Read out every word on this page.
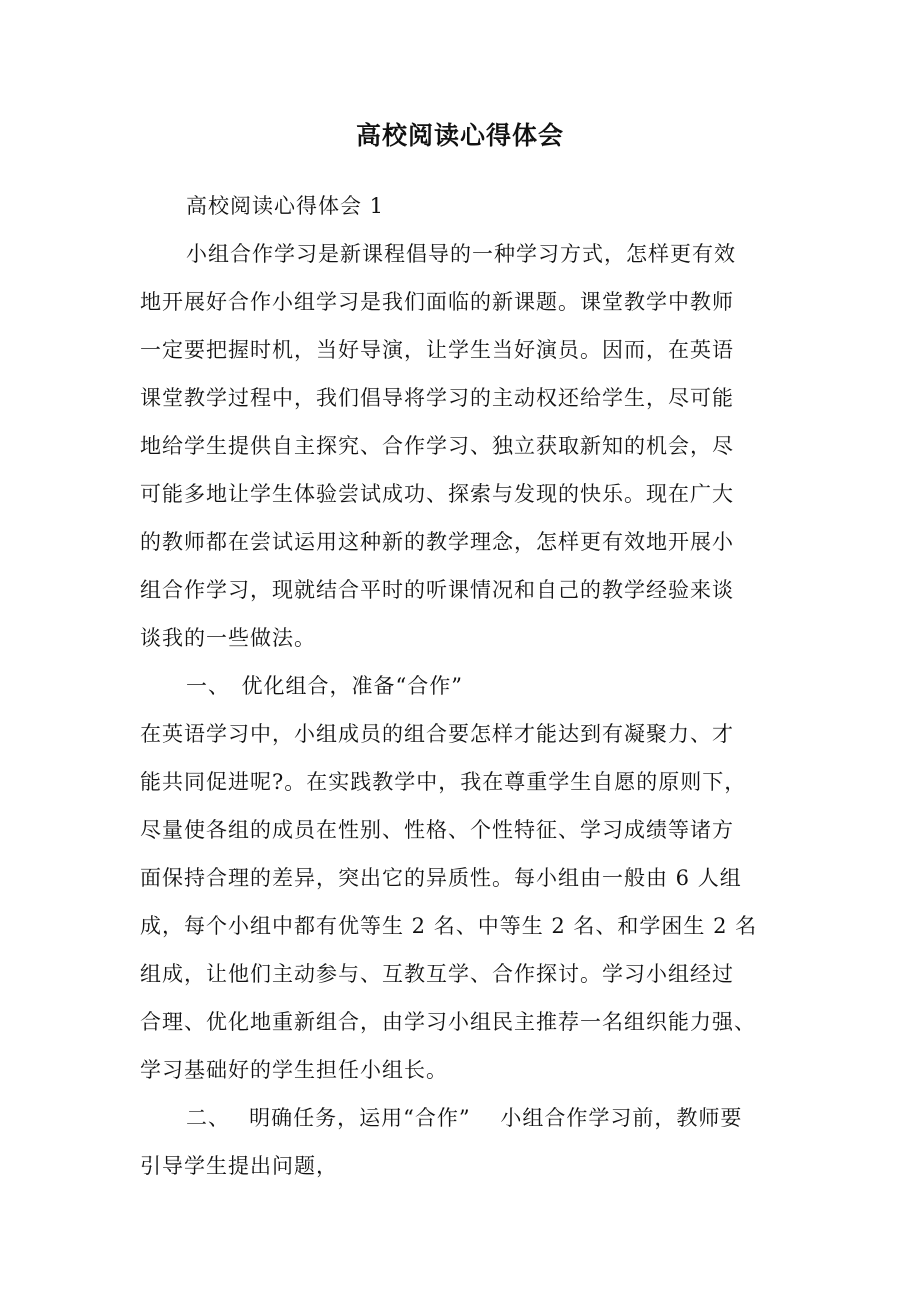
高校阅读心得体会
高校阅读心得体会 1
小组合作学习是新课程倡导的一种学习方式，怎样更有效
地开展好合作小组学习是我们面临的新课题。课堂教学中教师
一定要把握时机，当好导演，让学生当好演员。因而，在英语
课堂教学过程中，我们倡导将学习的主动权还给学生，尽可能
地给学生提供自主探究、合作学习、独立获取新知的机会，尽
可能多地让学生体验尝试成功、探索与发现的快乐。现在广大
的教师都在尝试运用这种新的教学理念，怎样更有效地开展小
组合作学习，现就结合平时的听课情况和自己的教学经验来谈
谈我的一些做法。
一、　优化组合，准备“合作”
在英语学习中，小组成员的组合要怎样才能达到有凝聚力、才
能共同促进呢?。在实践教学中，我在尊重学生自愿的原则下，
尽量使各组的成员在性别、性格、个性特征、学习成绩等诸方
面保持合理的差异，突出它的异质性。每小组由一般由 6 人组
成，每个小组中都有优等生 2 名、中等生 2 名、和学困生 2 名
组成，让他们主动参与、互教互学、合作探讨。学习小组经过
合理、优化地重新组合，由学习小组民主推荐一名组织能力强、
学习基础好的学生担任小组长。
二、　 明确任务，运用“合作”　 小组合作学习前，教师要
引导学生提出问题，
